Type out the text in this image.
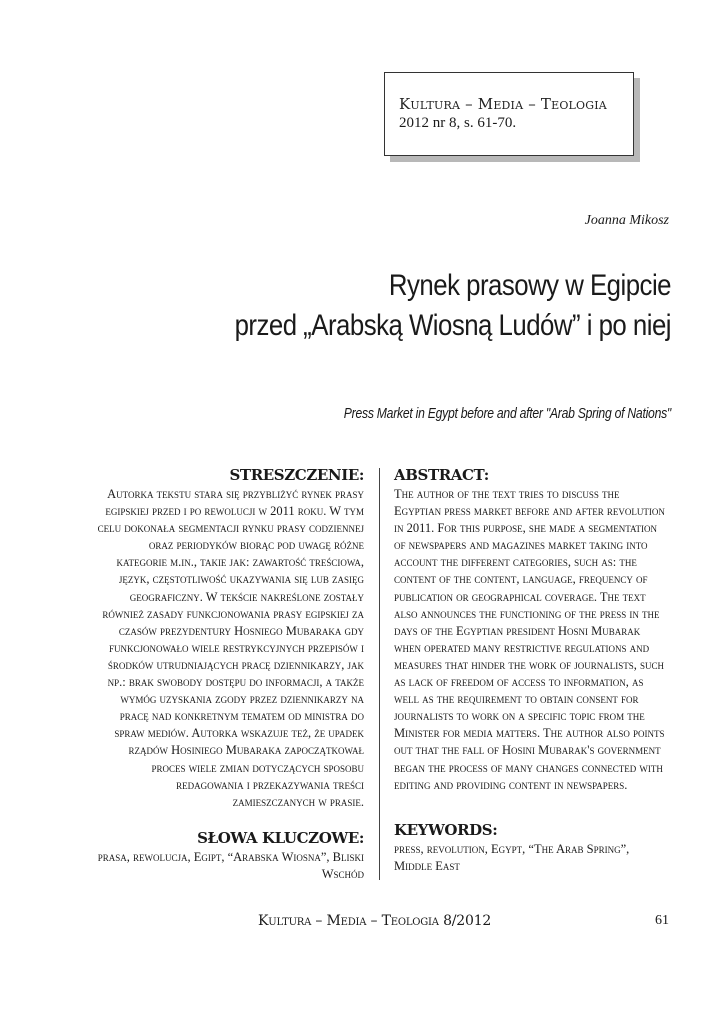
Kultura – Media – Teologia
2012 nr 8, s. 61-70.
Joanna Mikosz
Rynek prasowy w Egipcie
przed „Arabską Wiosną Ludów” i po niej
Press Market in Egypt before and after "Arab Spring of Nations"
STRESZCZENIE:
Autorka tekstu stara się przybliżyć rynek prasy egipskiej przed i po rewolucji w 2011 roku. W tym celu dokonała segmentacji rynku prasy codziennej oraz periodyków biorąc pod uwagę różne kategorie m.in., takie jak: zawartość treściowa, język, częstotliwość ukazywania się lub zasięg geograficzny. W tekście nakreślone zostały również zasady funkcjonowania prasy egipskiej za czasów prezydentury Hosniego Mubaraka gdy funkcjonowało wiele restrykcyjnych przepisów i środków utrudniających pracę dziennikarzy, jak np.: brak swobody dostępu do informacji, a także wymóg uzyskania zgody przez dziennikarzy na pracę nad konkretnym tematem od ministra do spraw mediów. Autorka wskazuje też, że upadek rządów Hosiniego Mubaraka zapoczątkował proces wiele zmian dotyczących sposobu redagowania i przekazywania treści zamieszczanych w prasie.
ABSTRACT:
The author of the text tries to discuss the Egyptian press market before and after revolution in 2011. For this purpose, she made a segmentation of newspapers and magazines market taking into account the different categories, such as: the content of the content, language, frequency of publication or geographical coverage. The text also announces the functioning of the press in the days of the Egyptian president Hosni Mubarak when operated many restrictive regulations and measures that hinder the work of journalists, such as lack of freedom of access to information, as well as the requirement to obtain consent for journalists to work on a specific topic from the Minister for media matters. The author also points out that the fall of Hosini Mubarak's government began the process of many changes connected with editing and providing content in newspapers.
SŁOWA KLUCZOWE:
prasa, rewolucja, Egipt, “Arabska Wiosna”, Bliski Wschód
KEYWORDS:
press, revolution, Egypt, “The Arab Spring”, Middle East
Kultura – Media – Teologia 8/2012	61
